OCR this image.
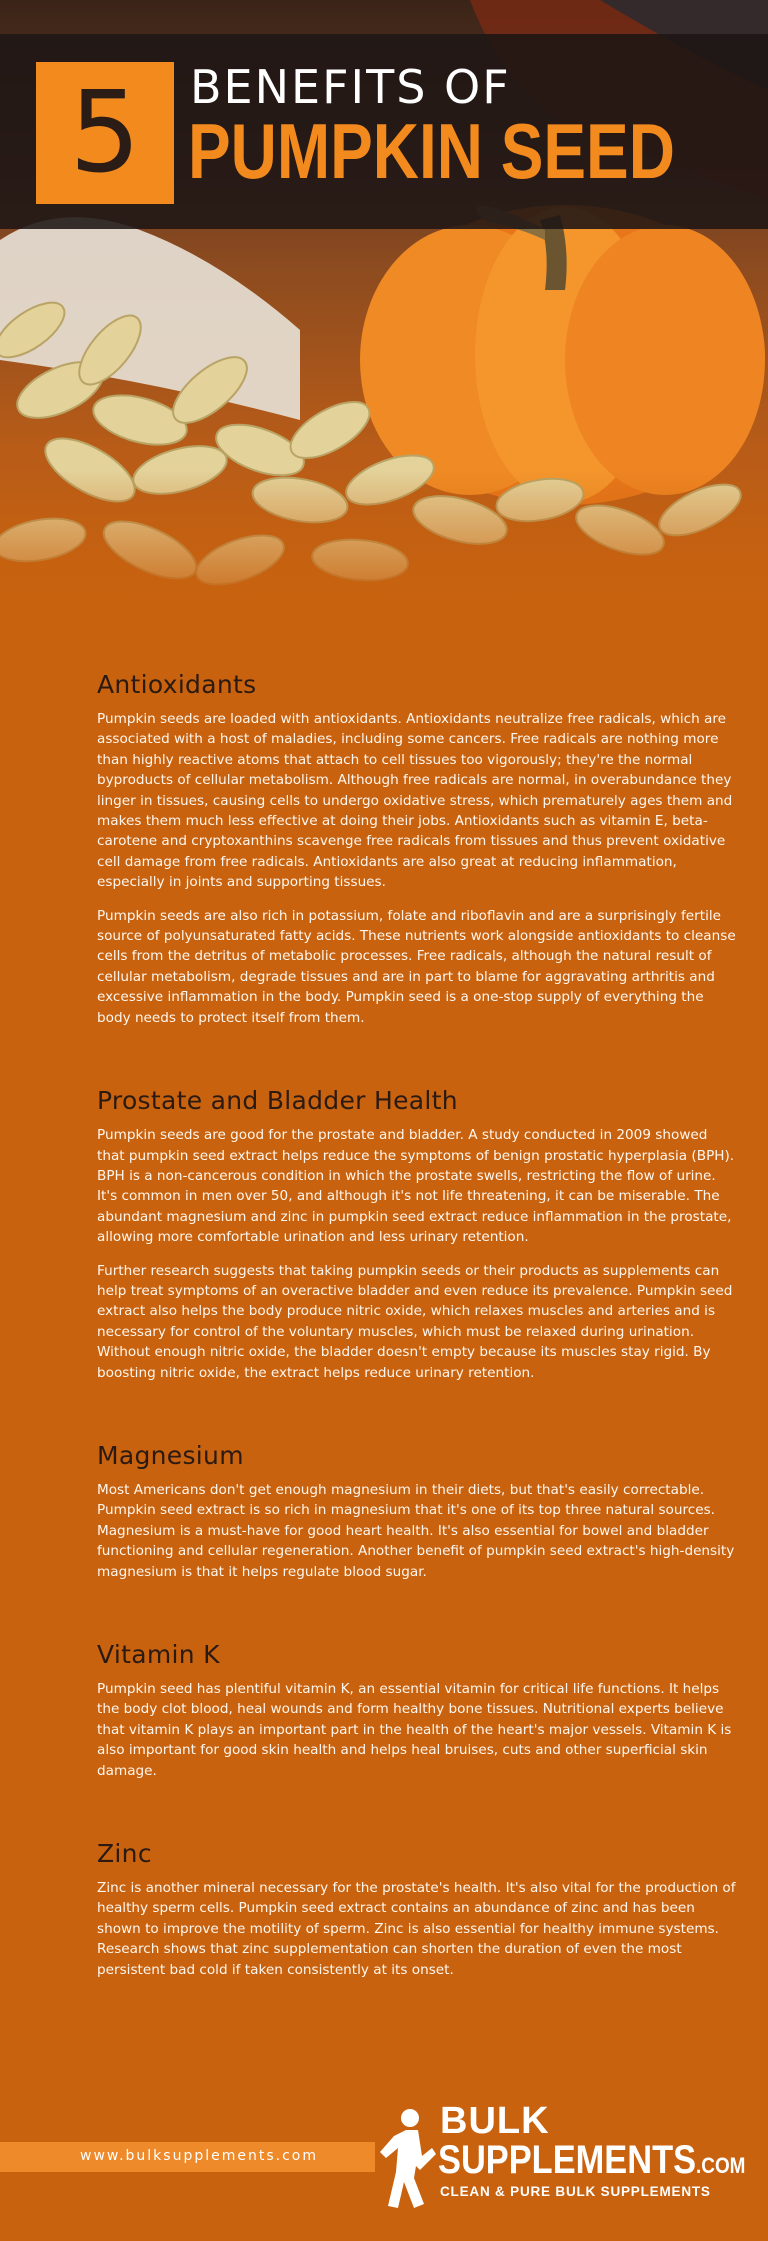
5 BENEFITS OF
PUMPKIN SEED
Antioxidants

Pumpkin seeds are loaded with antioxidants. Antioxidants neutralize free radicals, which are associated with a host of maladies, including some cancers. Free radicals are nothing more than highly reactive atoms that attach to cell tissues too vigorously; they're the normal byproducts of cellular metabolism. Although free radicals are normal, in overabundance they linger in tissues, causing cells to undergo oxidative stress, which prematurely ages them and makes them much less effective at doing their jobs. Antioxidants such as vitamin E, beta-carotene and cryptoxanthins scavenge free radicals from tissues and thus prevent oxidative cell damage from free radicals. Antioxidants are also great at reducing inflammation, especially in joints and supporting tissues.

Pumpkin seeds are also rich in potassium, folate and riboflavin and are a surprisingly fertile source of polyunsaturated fatty acids. These nutrients work alongside antioxidants to cleanse cells from the detritus of metabolic processes. Free radicals, although the natural result of cellular metabolism, degrade tissues and are in part to blame for aggravating arthritis and excessive inflammation in the body. Pumpkin seed is a one-stop supply of everything the body needs to protect itself from them.

Prostate and Bladder Health

Pumpkin seeds are good for the prostate and bladder. A study conducted in 2009 showed that pumpkin seed extract helps reduce the symptoms of benign prostatic hyperplasia (BPH). BPH is a non-cancerous condition in which the prostate swells, restricting the flow of urine. It's common in men over 50, and although it's not life threatening, it can be miserable. The abundant magnesium and zinc in pumpkin seed extract reduce inflammation in the prostate, allowing more comfortable urination and less urinary retention.

Further research suggests that taking pumpkin seeds or their products as supplements can help treat symptoms of an overactive bladder and even reduce its prevalence. Pumpkin seed extract also helps the body produce nitric oxide, which relaxes muscles and arteries and is necessary for control of the voluntary muscles, which must be relaxed during urination. Without enough nitric oxide, the bladder doesn't empty because its muscles stay rigid. By boosting nitric oxide, the extract helps reduce urinary retention.

Magnesium

Most Americans don't get enough magnesium in their diets, but that's easily correctable. Pumpkin seed extract is so rich in magnesium that it's one of its top three natural sources. Magnesium is a must-have for good heart health. It's also essential for bowel and bladder functioning and cellular regeneration. Another benefit of pumpkin seed extract's high-density magnesium is that it helps regulate blood sugar.

Vitamin K

Pumpkin seed has plentiful vitamin K, an essential vitamin for critical life functions. It helps the body clot blood, heal wounds and form healthy bone tissues. Nutritional experts believe that vitamin K plays an important part in the health of the heart's major vessels. Vitamin K is also important for good skin health and helps heal bruises, cuts and other superficial skin damage.

Zinc

Zinc is another mineral necessary for the prostate's health. It's also vital for the production of healthy sperm cells. Pumpkin seed extract contains an abundance of zinc and has been shown to improve the motility of sperm. Zinc is also essential for healthy immune systems. Research shows that zinc supplementation can shorten the duration of even the most persistent bad cold if taken consistently at its onset.

www.bulksupplements.com
BULK
SUPPLEMENTS.COM
CLEAN & PURE BULK SUPPLEMENTS
